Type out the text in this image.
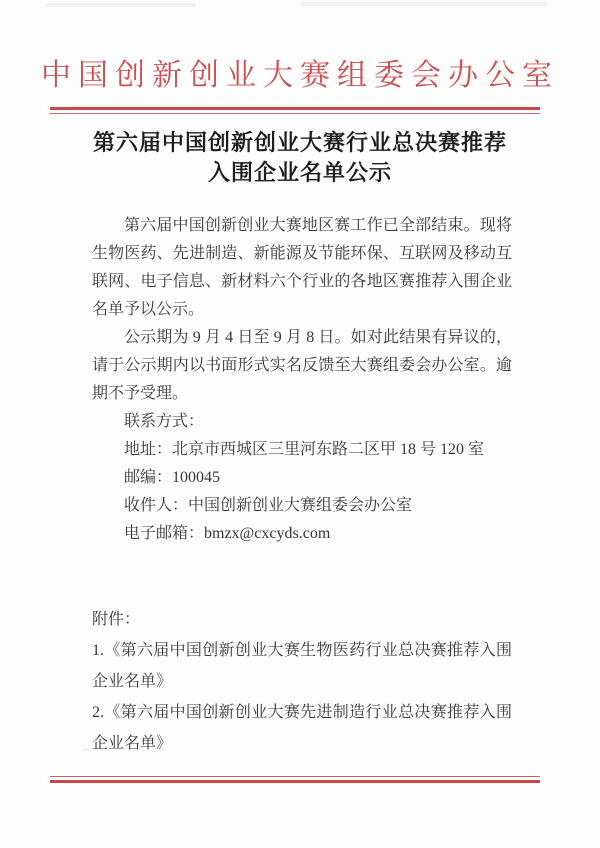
中国创新创业大赛组委会办公室
第六届中国创新创业大赛行业总决赛推荐
入围企业名单公示

第六届中国创新创业大赛地区赛工作已全部结束。现将生物医药、先进制造、新能源及节能环保、互联网及移动互联网、电子信息、新材料六个行业的各地区赛推荐入围企业名单予以公示。

公示期为 9 月 4 日至 9 月 8 日。如对此结果有异议的，请于公示期内以书面形式实名反馈至大赛组委会办公室。逾期不予受理。

联系方式：

地址：北京市西城区三里河东路二区甲 18 号 120 室

邮编：100045

收件人：中国创新创业大赛组委会办公室

电子邮箱：bmzx@cxcyds.com

附件：

1.《第六届中国创新创业大赛生物医药行业总决赛推荐入围企业名单》

2.《第六届中国创新创业大赛先进制造行业总决赛推荐入围企业名单》
